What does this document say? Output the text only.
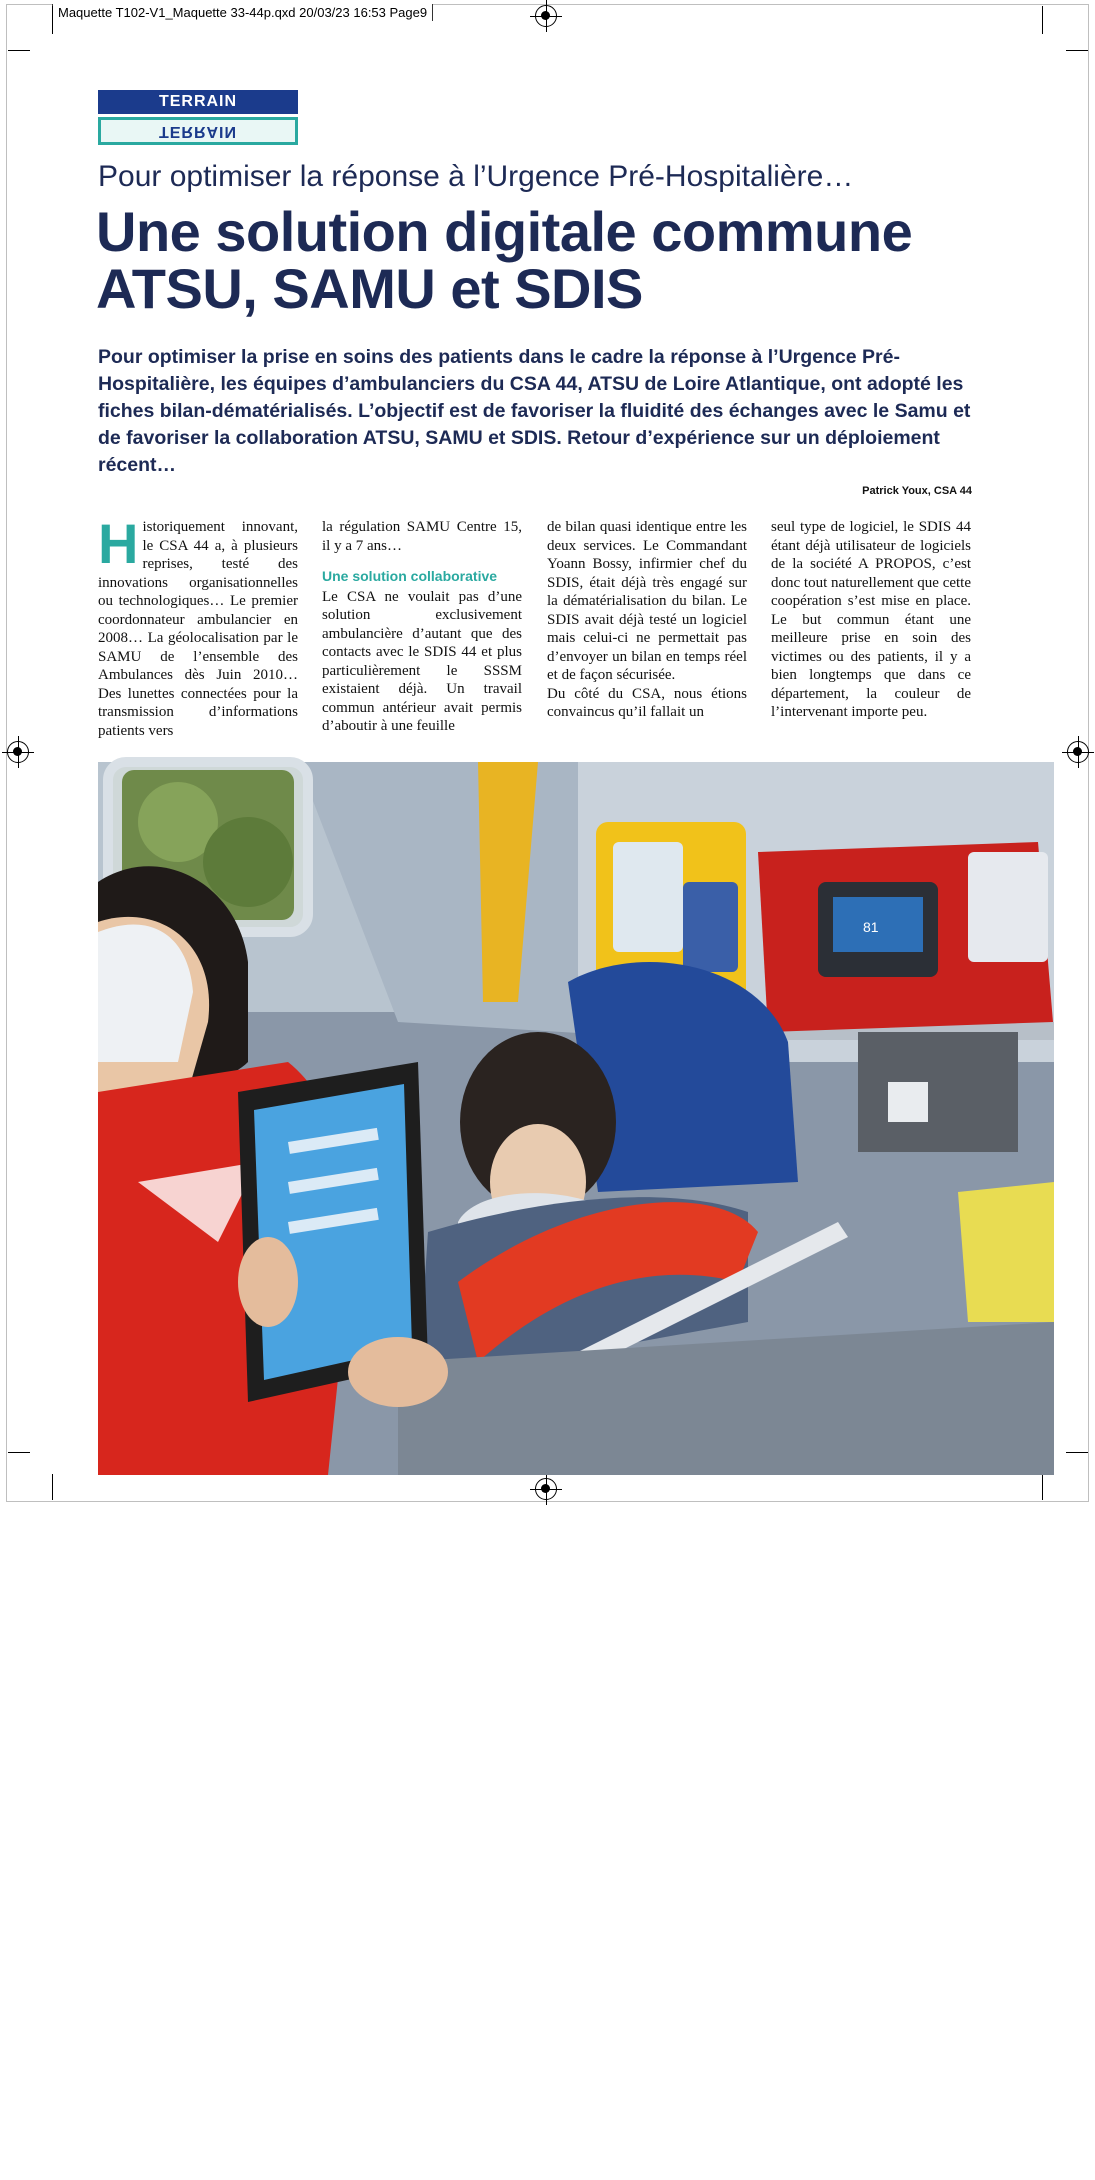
Maquette T102-V1_Maquette 33-44p.qxd 20/03/23 16:53 Page9
TERRAIN
TERRAIN
Pour optimiser la réponse à l’Urgence Pré-Hospitalière…
Une solution digitale commune
ATSU, SAMU et SDIS
Pour optimiser la prise en soins des patients dans le cadre la réponse à l’Urgence Pré-Hospitalière, les équipes d’ambulanciers du CSA 44, ATSU de Loire Atlantique, ont adopté les fiches bilan-dématérialisés. L’objectif est de favoriser la fluidité des échanges avec le Samu et de favoriser la collaboration ATSU, SAMU et SDIS. Retour d’expérience sur un déploiement récent…
Patrick Youx, CSA 44
H istoriquement innovant, le CSA 44 a, à plusieurs reprises, testé des innovations organisationnelles ou technologiques… Le premier coordonnateur ambulancier en 2008… La géolocalisation par le SAMU de l’ensemble des Ambulances dès Juin 2010… Des lunettes connectées pour la transmission d’informations patients vers

la régulation SAMU Centre 15, il y a 7 ans…

Une solution collaborative

Le CSA ne voulait pas d’une solution exclusivement ambulancière d’autant que des contacts avec le SDIS 44 et plus particulièrement le SSSM existaient déjà. Un travail commun antérieur avait permis d’aboutir à une feuille

de bilan quasi identique entre les deux services. Le Commandant Yoann Bossy, infirmier chef du SDIS, était déjà très engagé sur la dématérialisation du bilan. Le SDIS avait déjà testé un logiciel mais celui-ci ne permettait pas d’envoyer un bilan en temps réel et de façon sécurisée.

Du côté du CSA, nous étions convaincus qu’il fallait un

seul type de logiciel, le SDIS 44 étant déjà utilisateur de logiciels de la société A PROPOS, c’est donc tout naturellement que cette coopération s’est mise en place. Le but commun étant une meilleure prise en soin des victimes ou des patients, il y a bien longtemps que dans ce département, la couleur de l’intervenant importe peu.

81
MARS 2023 • N°102 • TURBULANCES • 9
